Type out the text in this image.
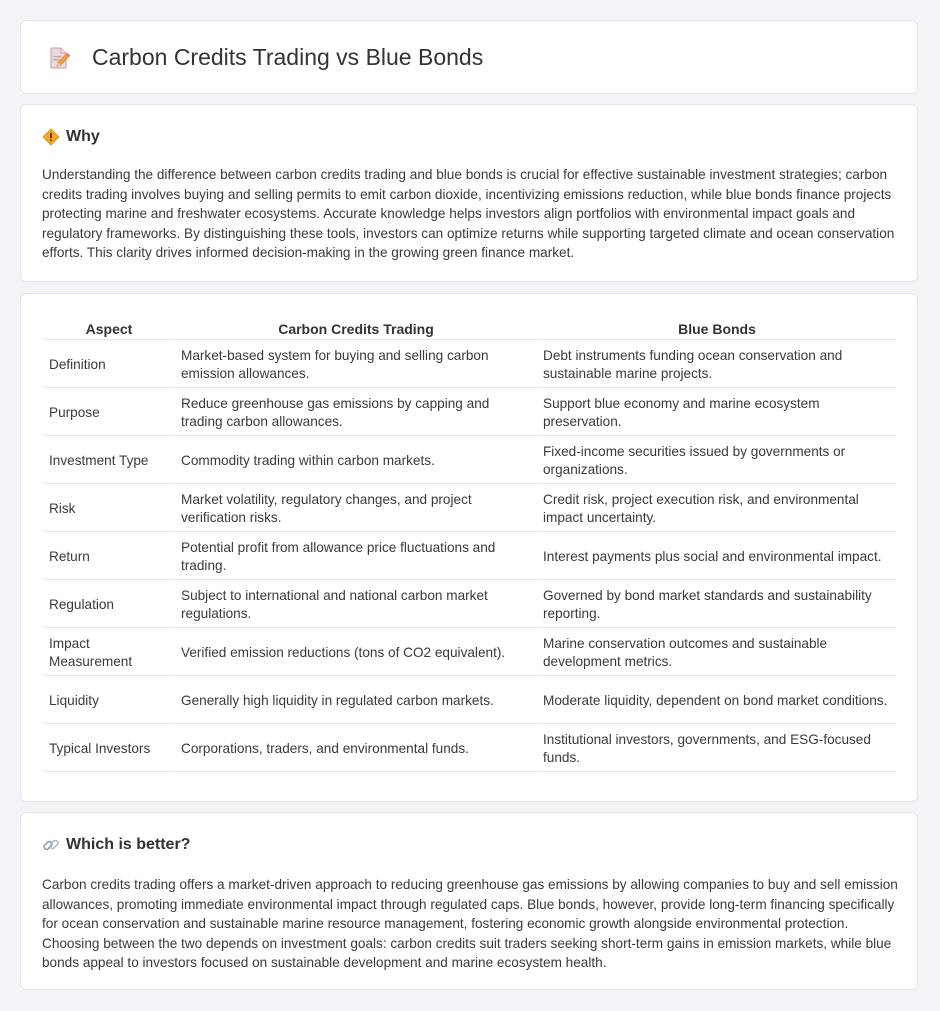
Carbon Credits Trading vs Blue Bonds
Why

Understanding the difference between carbon credits trading and blue bonds is crucial for effective sustainable investment strategies; carbon credits trading involves buying and selling permits to emit carbon dioxide, incentivizing emissions reduction, while blue bonds finance projects protecting marine and freshwater ecosystems. Accurate knowledge helps investors align portfolios with environmental impact goals and regulatory frameworks. By distinguishing these tools, investors can optimize returns while supporting targeted climate and ocean conservation efforts. This clarity drives informed decision-making in the growing green finance market.

Aspect	Carbon Credits Trading	Blue Bonds
Definition	Market-based system for buying and selling carbon emission allowances.	Debt instruments funding ocean conservation and sustainable marine projects.
Purpose	Reduce greenhouse gas emissions by capping and trading carbon allowances.	Support blue economy and marine ecosystem preservation.
Investment Type	Commodity trading within carbon markets.	Fixed-income securities issued by governments or organizations.
Risk	Market volatility, regulatory changes, and project verification risks.	Credit risk, project execution risk, and environmental impact uncertainty.
Return	Potential profit from allowance price fluctuations and trading.	Interest payments plus social and environmental impact.
Regulation	Subject to international and national carbon market regulations.	Governed by bond market standards and sustainability reporting.
Impact Measurement	Verified emission reductions (tons of CO2 equivalent).	Marine conservation outcomes and sustainable development metrics.
Liquidity	Generally high liquidity in regulated carbon markets.	Moderate liquidity, dependent on bond market conditions.
Typical Investors	Corporations, traders, and environmental funds.	Institutional investors, governments, and ESG-focused funds.
Which is better?

Carbon credits trading offers a market-driven approach to reducing greenhouse gas emissions by allowing companies to buy and sell emission allowances, promoting immediate environmental impact through regulated caps. Blue bonds, however, provide long-term financing specifically for ocean conservation and sustainable marine resource management, fostering economic growth alongside environmental protection. Choosing between the two depends on investment goals: carbon credits suit traders seeking short-term gains in emission markets, while blue bonds appeal to investors focused on sustainable development and marine ecosystem health.
